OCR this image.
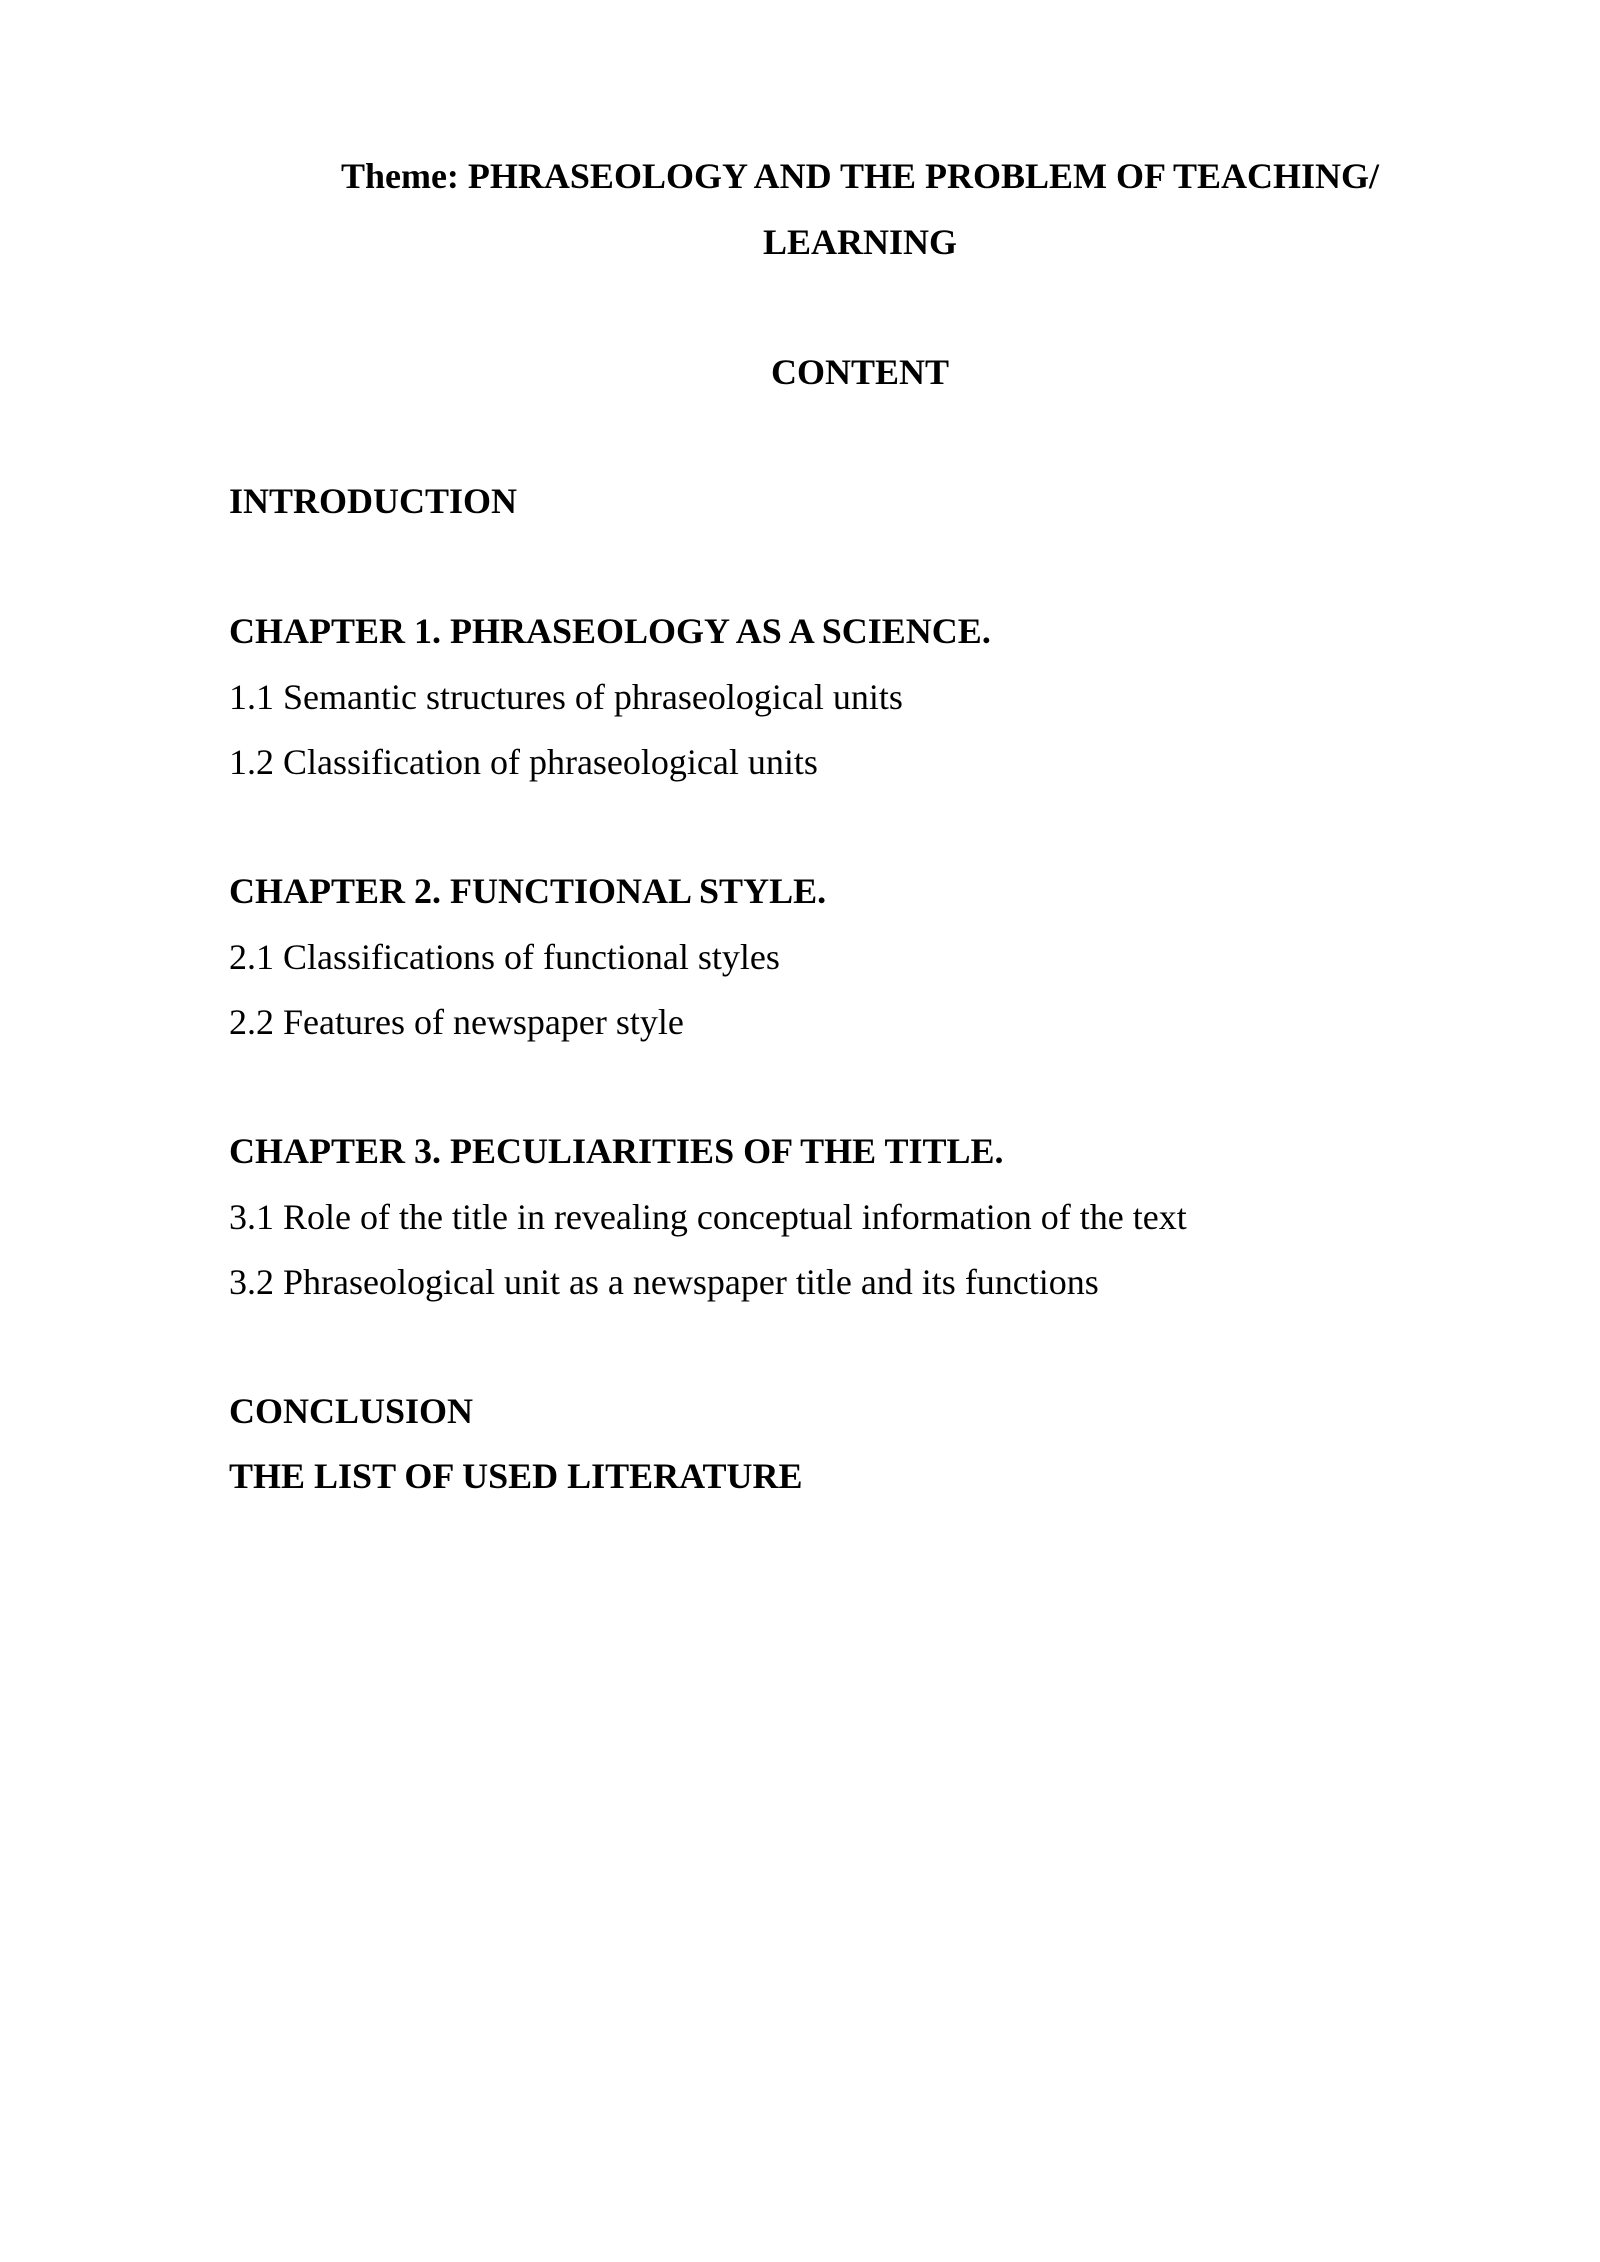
Theme: PHRASEOLOGY AND THE PROBLEM OF TEACHING/

LEARNING

CONTENT

INTRODUCTION

CHAPTER 1. PHRASEOLOGY AS A SCIENCE.

1.1 Semantic structures of phraseological units

1.2 Classification of phraseological units

CHAPTER 2. FUNCTIONAL STYLE.

2.1 Classifications of functional styles

2.2 Features of newspaper style

CHAPTER 3. PECULIARITIES OF THE TITLE.

3.1 Role of the title in revealing conceptual information of the text

3.2 Phraseological unit as a newspaper title and its functions

CONCLUSION

THE LIST OF USED LITERATURE
